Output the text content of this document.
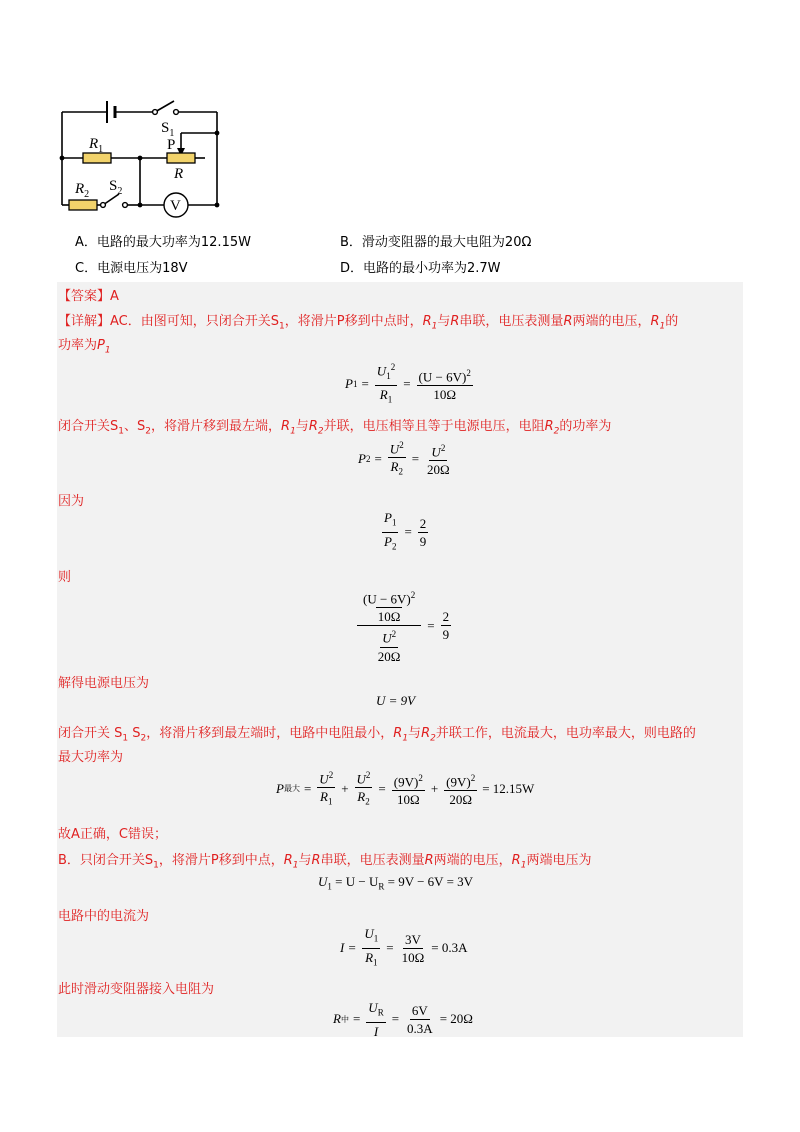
$S_1$
$R_1$
$R_2$
$S_2$
P
R
V
A．电路的最大功率为12.15W	B．滑动变阻器的最大电阻为20Ω
C．电源电压为18V	D．电路的最小功率为2.7W
【答案】A
【详解】AC．由图可知，只闭合开关$S_1$，将滑片P移到中点时，$R_1$与R串联，电压表测量R两端的电压，$R_1$的
功率为$P_1$
P $1 = \frac{U_1^2}{R_1} = \frac{(U - 6V)^2}{10\Omega}$
闭合开关$S_1$、$S_2$，将滑片移到最左端，$R_1$与$R_2$并联，电压相等且等于电源电压，电阻$R_2$的功率为
P $2 = \frac{U^2}{R_2} = \frac{U^2}{20\Omega}$
因为
$\frac{P_1}{P_2} = \frac{2}{9}$
则
$\frac{\frac{(U - 6V)^2}{10\Omega}}{\frac{U^2}{20\Omega}} = \frac{2}{9}$
解得电源电压为
U = 9V
闭合开关 $S_1$ $S_2$，将滑片移到最左端时，电路中电阻最小，$R_1$与$R_2$并联工作，电流最大，电功率最大，则电路的
最大功率为
P 最大 = $\frac{U^2}{R_1} + \frac{U^2}{R_2} = \frac{(9V)^2}{10\Omega} + \frac{(9V)^2}{20\Omega} = 12.15W$
故A正确，C错误；
B．只闭合开关$S_1$，将滑片P移到中点，$R_1$与R串联，电压表测量R两端的电压，$R_1$两端电压为
$U_1 = U - U_R = 9V - 6V = 3V$
电路中的电流为
$I = \frac{U_1}{R_1} = \frac{3V}{10\Omega} = 0.3A$
此时滑动变阻器接入电阻为
R 中 = $\frac{U_R}{I} = \frac{6V}{0.3A} = 20\Omega$
